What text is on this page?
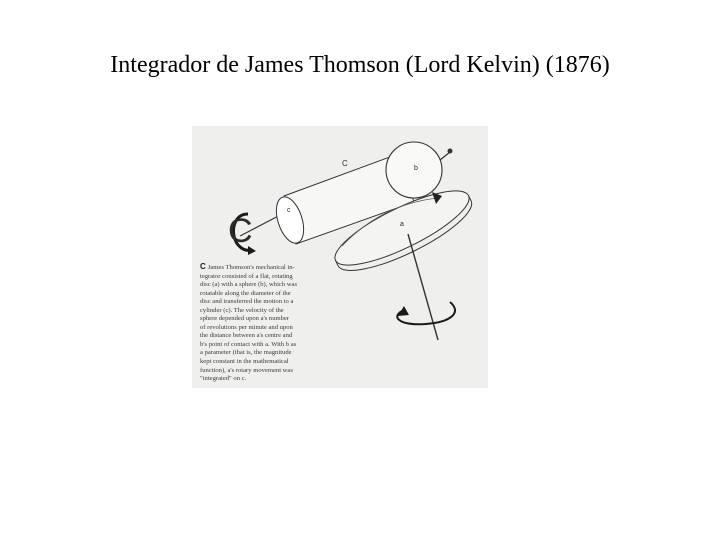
Integrador de James Thomson (Lord Kelvin) (1876)
C
C
c
b
a
C James Thomson's mechanical in-
tegrator consisted of a flat, rotating
disc (a) with a sphere (b), which was
rotatable along the diameter of the
disc and transferred the motion to a
cylinder (c). The velocity of the
sphere depended upon a's number
of revolutions per minute and upon
the distance between a's centre and
b's point of contact with a. With b as
a parameter (that is, the magnitude
kept constant in the mathematical
function), a's rotary movement was
"integrated" on c.
